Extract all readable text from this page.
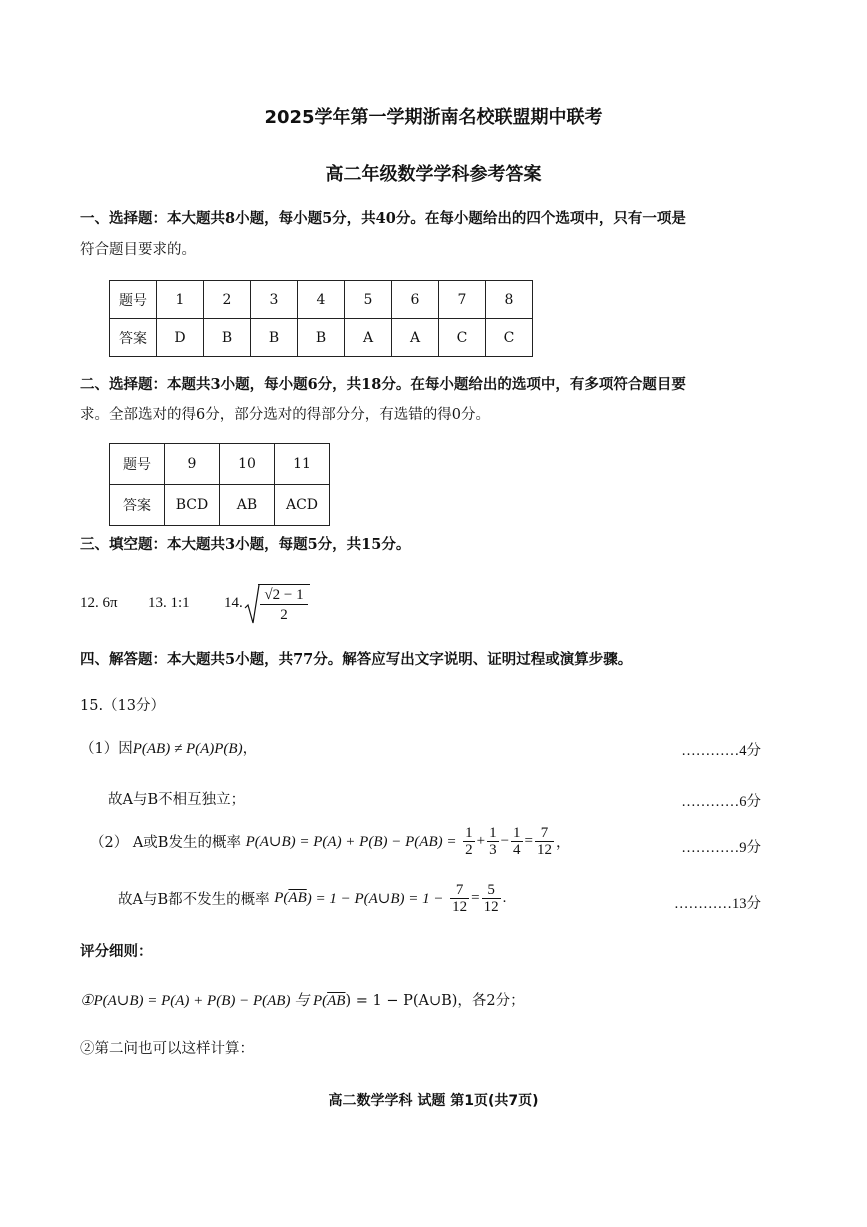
2025学年第一学期浙南名校联盟期中联考
高二年级数学学科参考答案
一、选择题：本大题共8小题，每小题5分，共40分。在每小题给出的四个选项中，只有一项是
符合题目要求的。
题号	1	2	3	4	5	6	7	8
答案	D	B	B	B	A	A	C	C
二、选择题：本题共3小题，每小题6分，共18分。在每小题给出的选项中，有多项符合题目要
求。全部选对的得6分，部分选对的得部分分，有选错的得0分。
题号	9	10	11
答案	BCD	AB	ACD
三、填空题：本大题共3小题，每题5分，共15分。
12. 6π 13. 1:1 14. $\frac{√2 - 1}{2}$
四、解答题：本大题共5小题，共77分。解答应写出文字说明、证明过程或演算步骤。
15.（13分）
（1）因P(AB) ≠ P(A)P(B)，	…………4分
故A与B不相互独立；	…………6分
（2） A或B发生的概率 P(A∪B) = $P(A) + P(B) - P(AB) = \frac{1}{2} + \frac{1}{3} - \frac{1}{4} = \frac{7}{12}$ ，	…………9分
故A与B都不发生的概率 $P(\overline{AB}) = 1$ − P(A∪B) = $1 - \frac{7}{12} = \frac{5}{12}$ .	…………13分
评分细则：
①P(A∪B) = P(A) + P(B) − P(AB) 与 $P(\overline{AB}) = 1$ − P(A∪B)，各2分；
②第二问也可以这样计算：
高二数学学科 试题 第1页(共7页)
